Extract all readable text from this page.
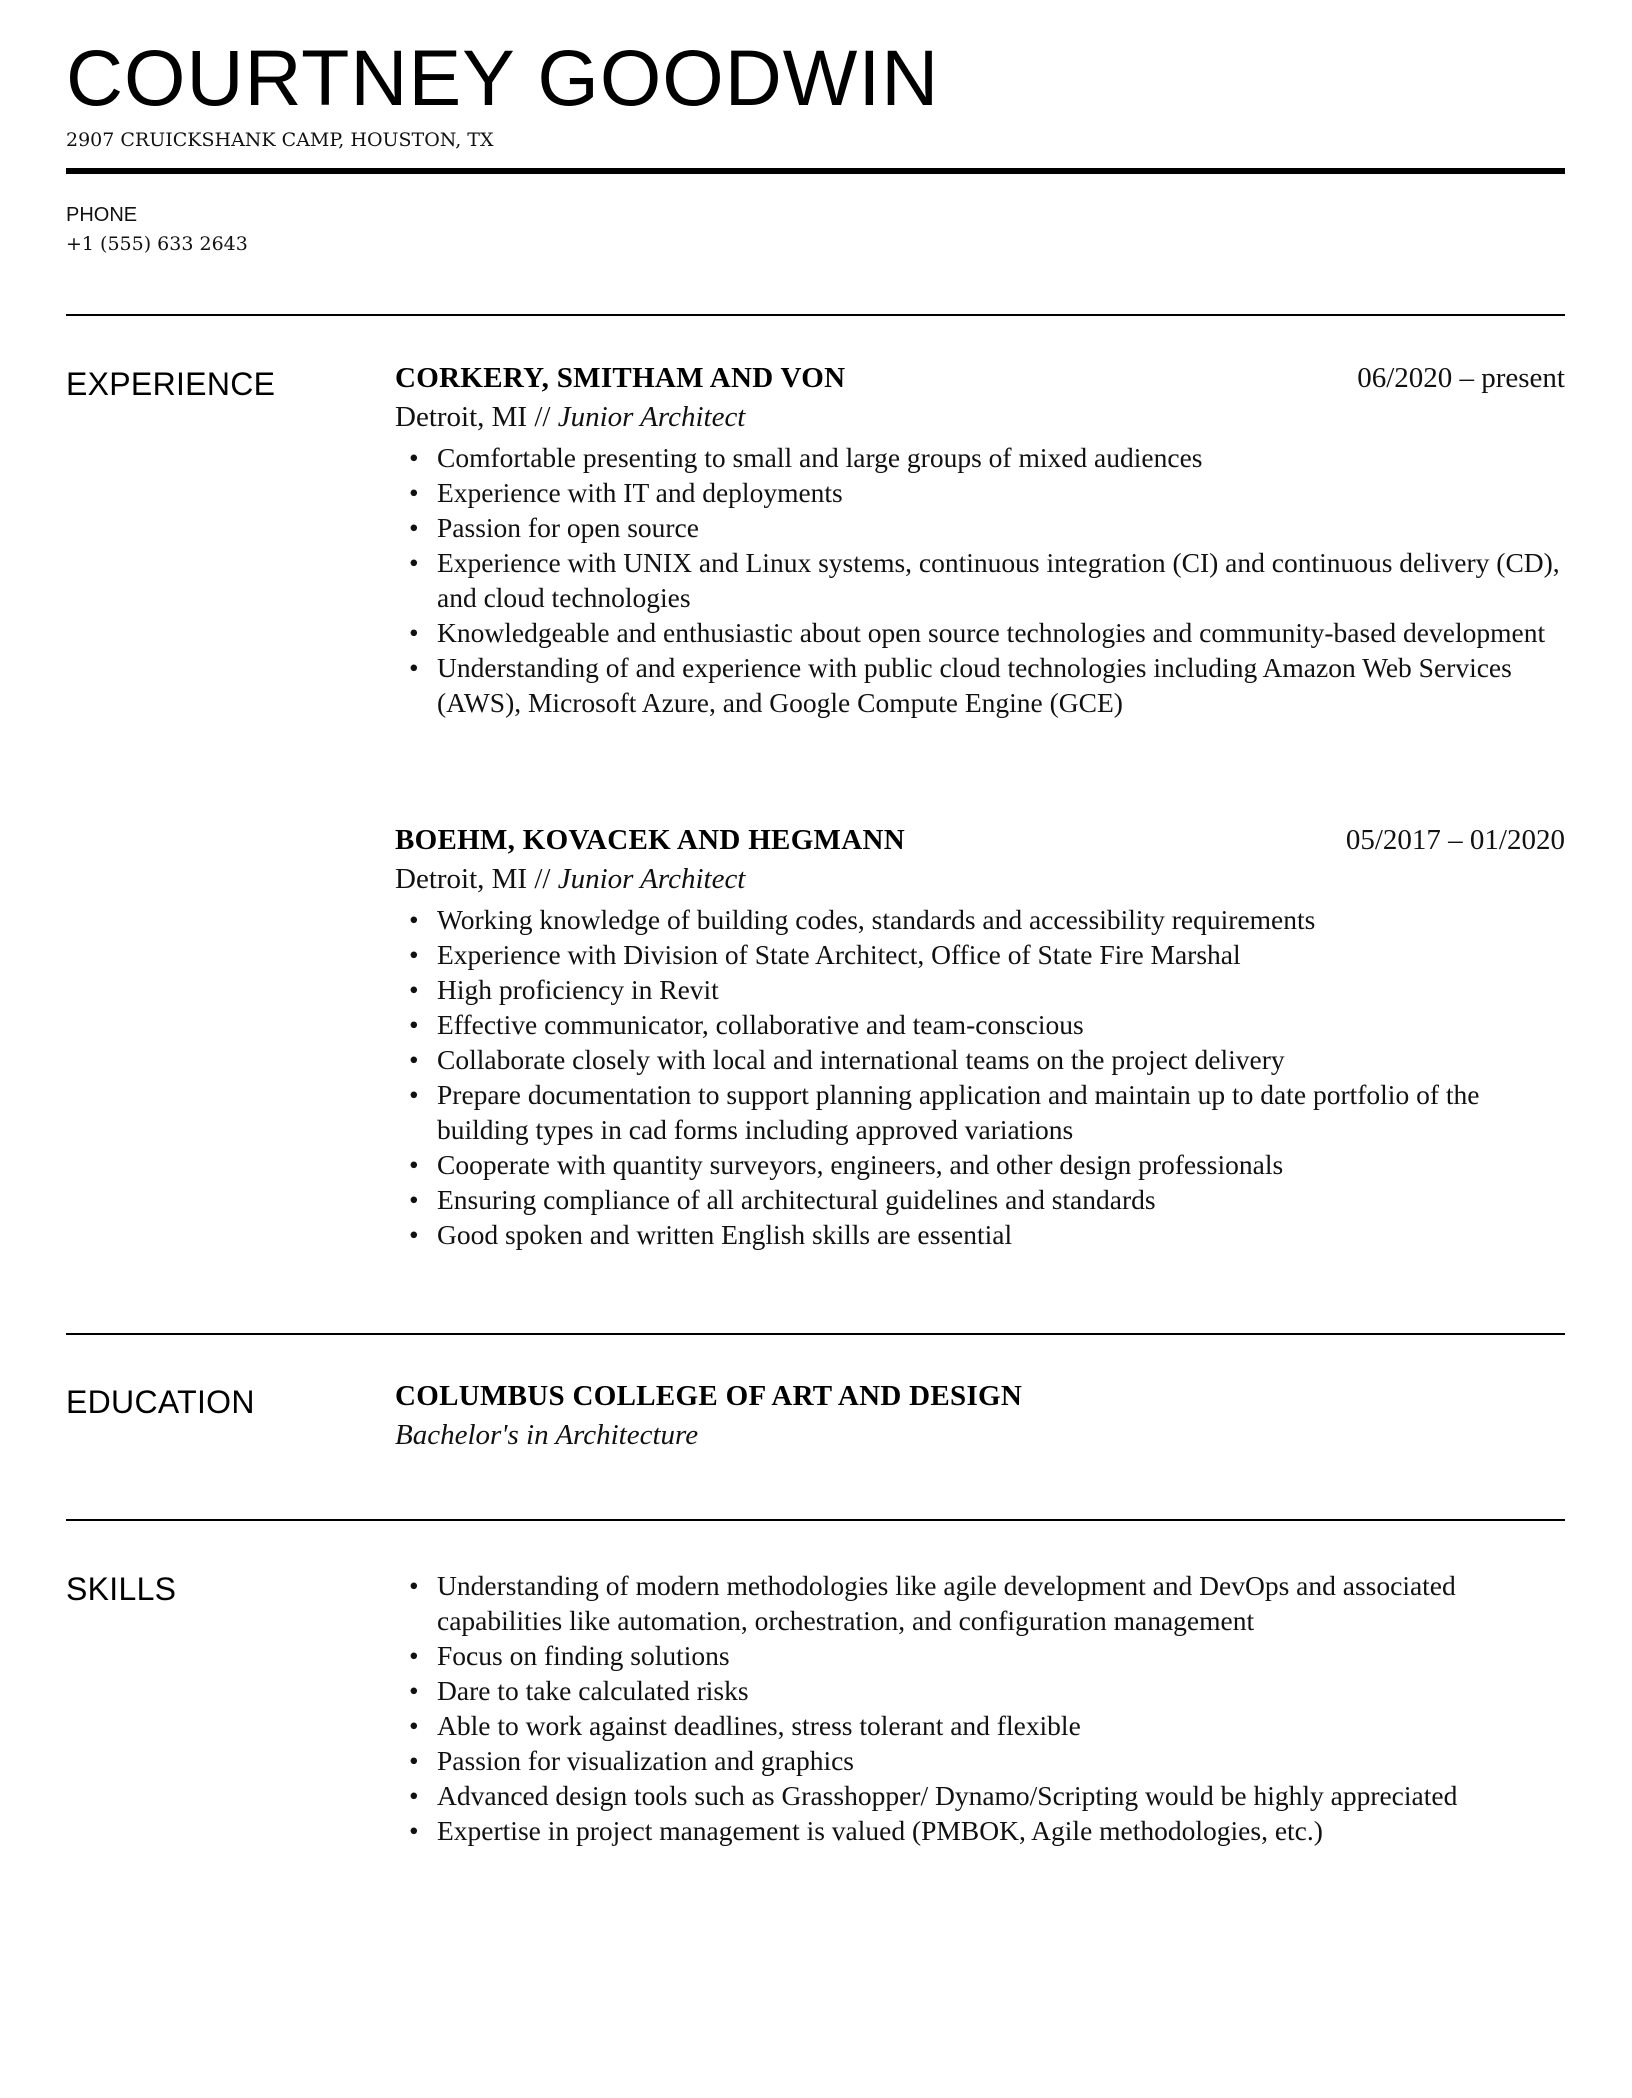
COURTNEY GOODWIN
2907 CRUICKSHANK CAMP, HOUSTON, TX
PHONE
+1 (555) 633 2643
EXPERIENCE	CORKERY, SMITHAM AND VON	06/2020 – present
Detroit, MI // Junior Architect
• Comfortable presenting to small and large groups of mixed audiences
• Experience with IT and deployments
• Passion for open source
• Experience with UNIX and Linux systems, continuous integration (CI) and continuous delivery (CD), and cloud technologies
• Knowledgeable and enthusiastic about open source technologies and community-based development
• Understanding of and experience with public cloud technologies including Amazon Web Services (AWS), Microsoft Azure, and Google Compute Engine (GCE)
BOEHM, KOVACEK AND HEGMANN	05/2017 – 01/2020
Detroit, MI // Junior Architect
• Working knowledge of building codes, standards and accessibility requirements
• Experience with Division of State Architect, Office of State Fire Marshal
• High proficiency in Revit
• Effective communicator, collaborative and team-conscious
• Collaborate closely with local and international teams on the project delivery
• Prepare documentation to support planning application and maintain up to date portfolio of the building types in cad forms including approved variations
• Cooperate with quantity surveyors, engineers, and other design professionals
• Ensuring compliance of all architectural guidelines and standards
• Good spoken and written English skills are essential
EDUCATION	COLUMBUS COLLEGE OF ART AND DESIGN
Bachelor's in Architecture
SKILLS
•	Understanding of modern methodologies like agile development and DevOps and associated capabilities like automation, orchestration, and configuration management
• Focus on finding solutions
• Dare to take calculated risks
• Able to work against deadlines, stress tolerant and flexible
• Passion for visualization and graphics
• Advanced design tools such as Grasshopper/ Dynamo/Scripting would be highly appreciated
• Expertise in project management is valued (PMBOK, Agile methodologies, etc.)
